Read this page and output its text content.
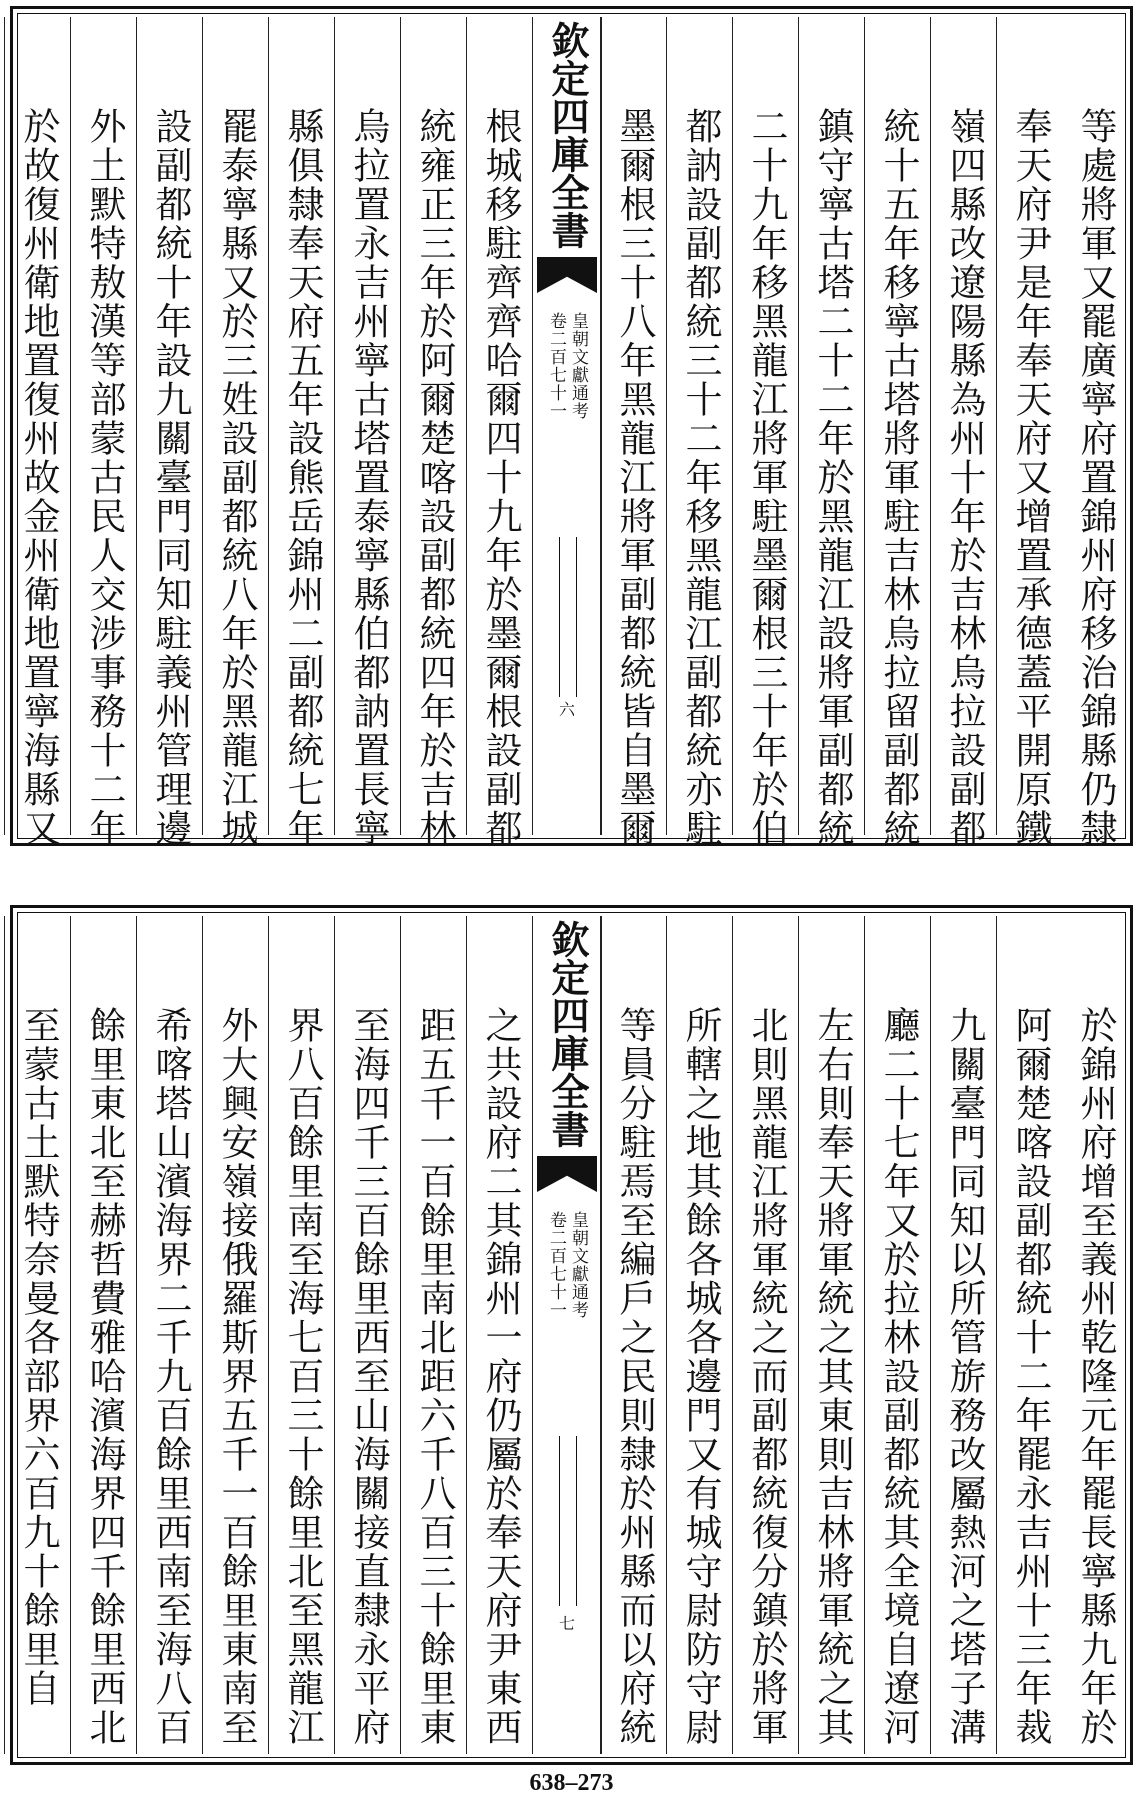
等處將軍又罷廣寧府置錦州府移治錦縣仍隸
奉天府尹是年奉天府又增置承德蓋平開原鐵
嶺四縣改遼陽縣為州十年於吉林烏拉設副都
統十五年移寧古塔將軍駐吉林烏拉留副都統
鎮守寧古塔二十二年於黑龍江設將軍副都統
二十九年移黑龍江將軍駐墨爾根三十年於伯
都訥設副都統三十二年移黑龍江副都統亦駐
墨爾根三十八年黑龍江將軍副都統皆自墨爾
欽定四庫全書
卷二百七十一 皇朝文獻通考
六
根城移駐齊齊哈爾四十九年於墨爾根設副都
統雍正三年於阿爾楚喀設副都統四年於吉林
烏拉置永吉州寧古塔置泰寧縣伯都訥置長寧
縣俱隸奉天府五年設熊岳錦州二副都統七年
罷泰寧縣又於三姓設副都統八年於黑龍江城
設副都統十年設九關臺門同知駐義州管理邊
外土默特敖漢等部蒙古民人交涉事務十二年
於故復州衛地置復州故金州衛地置寧海縣又
於錦州府增至義州乾隆元年罷長寧縣九年於
阿爾楚喀設副都統十二年罷永吉州十三年裁
九關臺門同知以所管旂務改屬熱河之塔子溝
廳二十七年又於拉林設副都統其全境自遼河
左右則奉天將軍統之其東則吉林將軍統之其
北則黑龍江將軍統之而副都統復分鎮於將軍
所轄之地其餘各城各邊門又有城守尉防守尉
等員分駐焉至編戶之民則隸於州縣而以府統
欽定四庫全書
卷二百七十一 皇朝文獻通考
七
之共設府二其錦州一府仍屬於奉天府尹東西
距五千一百餘里南北距六千八百三十餘里東
至海四千三百餘里西至山海關接直隸永平府
界八百餘里南至海七百三十餘里北至黑龍江
外大興安嶺接俄羅斯界五千一百餘里東南至
希喀塔山濱海界二千九百餘里西南至海八百
餘里東北至赫哲費雅哈濱海界四千餘里西北
至蒙古土默特奈曼各部界六百九十餘里自
638–273
